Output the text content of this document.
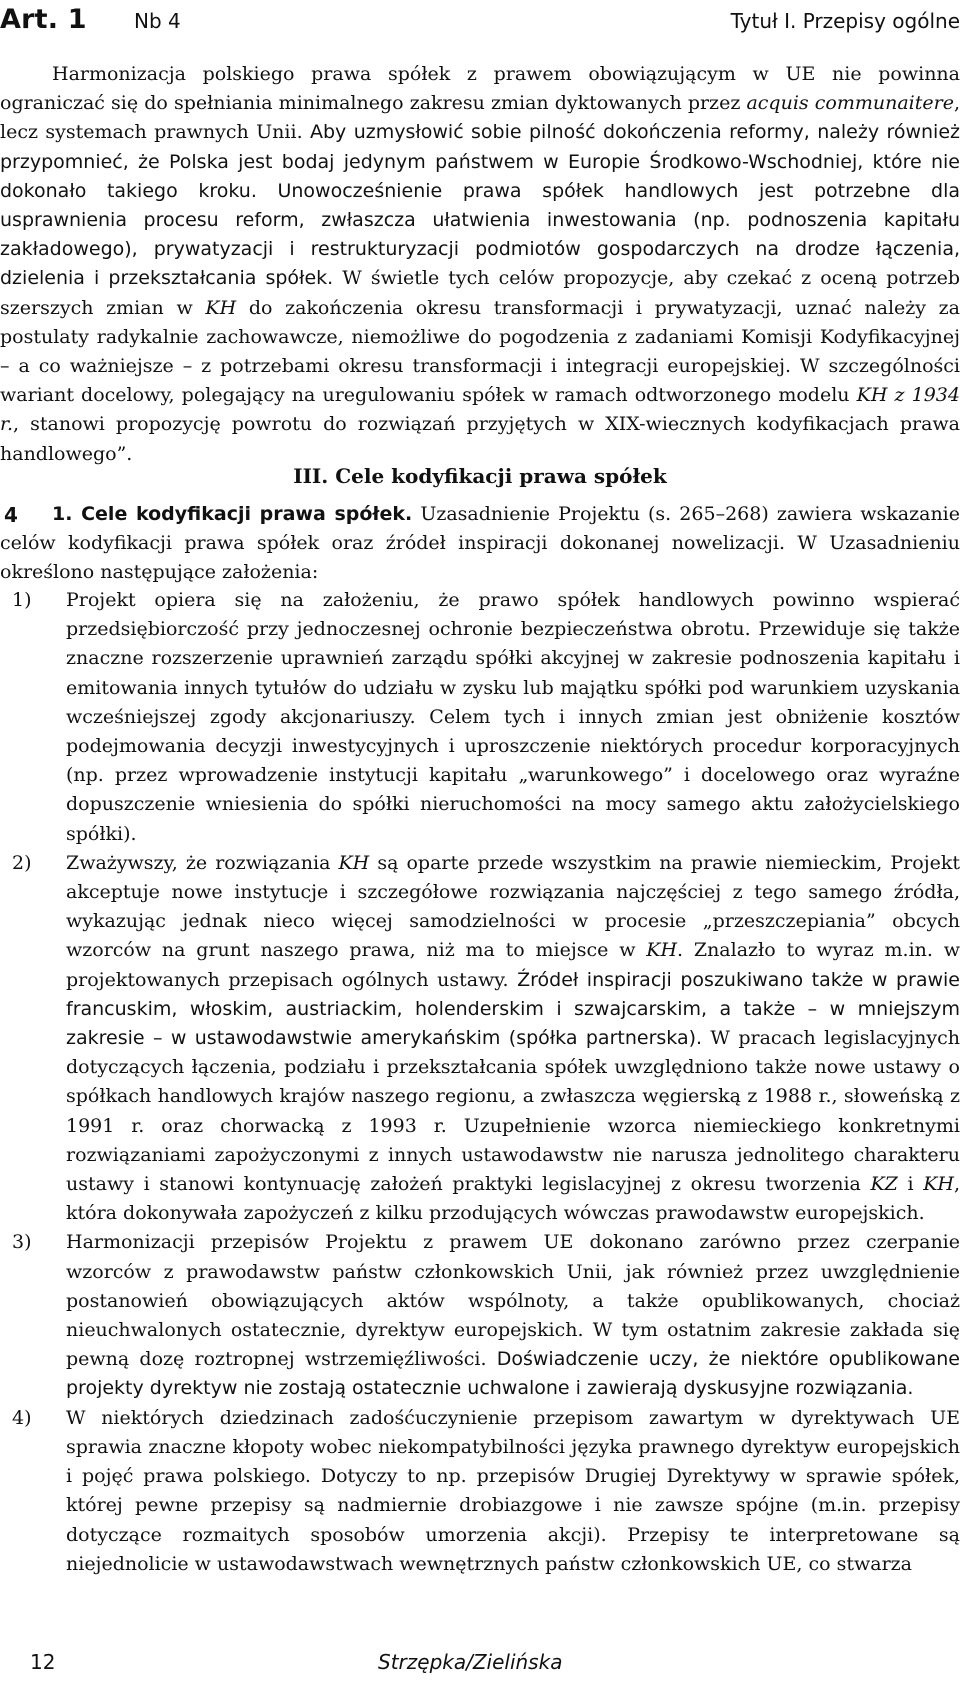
Art. 1 Nb 4	Tytuł I. Przepisy ogólne

Harmonizacja polskiego prawa spółek z prawem obowiązującym w UE nie powinna ograniczać się do spełniania minimalnego zakresu zmian dyktowanych przez acquis communaitere, lecz systemach prawnych Unii. Aby uzmysłowić sobie pilność dokończenia reformy, należy również przypomnieć, że Polska jest bodaj jedynym państwem w Europie Środkowo-Wschodniej, które nie dokonało takiego kroku. Unowocześnienie prawa spółek handlowych jest potrzebne dla usprawnienia procesu reform, zwłaszcza ułatwienia inwestowania (np. podnoszenia kapitału zakładowego), prywatyzacji i restrukturyzacji podmiotów gospodarczych na drodze łączenia, dzielenia i przekształcania spółek. W świetle tych celów propozycje, aby czekać z oceną potrzeb szerszych zmian w KH do zakończenia okresu transformacji i prywatyzacji, uznać należy za postulaty radykalnie zachowawcze, niemożliwe do pogodzenia z zadaniami Komisji Kodyfikacyjnej – a co ważniejsze – z potrzebami okresu transformacji i integracji europejskiej. W szczególności wariant docelowy, polegający na uregulowaniu spółek w ramach odtworzonego modelu KH z 1934 r., stanowi propozycję powrotu do rozwiązań przyjętych w XIX-wiecznych kodyfikacjach prawa handlowego”.

III. Cele kodyfikacji prawa spółek
4	1. Cele kodyfikacji prawa spółek. Uzasadnienie Projektu (s. 265–268) zawiera wskazanie celów kodyfikacji prawa spółek oraz źródeł inspiracji dokonanej nowelizacji. W Uzasadnieniu określono następujące założenia:

1) Projekt opiera się na założeniu, że prawo spółek handlowych powinno wspierać przedsiębiorczość przy jednoczesnej ochronie bezpieczeństwa obrotu. Przewiduje się także znaczne rozszerzenie uprawnień zarządu spółki akcyjnej w zakresie podnoszenia kapitału i emitowania innych tytułów do udziału w zysku lub majątku spółki pod warunkiem uzyskania wcześniejszej zgody akcjonariuszy. Celem tych i innych zmian jest obniżenie kosztów podejmowania decyzji inwestycyjnych i uproszczenie niektórych procedur korporacyjnych (np. przez wprowadzenie instytucji kapitału „warunkowego” i docelowego oraz wyraźne dopuszczenie wniesienia do spółki nieruchomości na mocy samego aktu założycielskiego spółki).
2) Zważywszy, że rozwiązania KH są oparte przede wszystkim na prawie niemieckim, Projekt akceptuje nowe instytucje i szczegółowe rozwiązania najczęściej z tego samego źródła, wykazując jednak nieco więcej samodzielności w procesie „przeszczepiania” obcych wzorców na grunt naszego prawa, niż ma to miejsce w KH. Znalazło to wyraz m.in. w projektowanych przepisach ogólnych ustawy. Źródeł inspiracji poszukiwano także w prawie francuskim, włoskim, austriackim, holenderskim i szwajcarskim, a także – w mniejszym zakresie – w ustawodawstwie amerykańskim (spółka partnerska). W pracach legislacyjnych dotyczących łączenia, podziału i przekształcania spółek uwzględniono także nowe ustawy o spółkach handlowych krajów naszego regionu, a zwłaszcza węgierską z 1988 r., słoweńską z 1991 r. oraz chorwacką z 1993 r. Uzupełnienie wzorca niemieckiego konkretnymi rozwiązaniami zapożyczonymi z innych ustawodawstw nie narusza jednolitego charakteru ustawy i stanowi kontynuację założeń praktyki legislacyjnej z okresu tworzenia KZ i KH, która dokonywała zapożyczeń z kilku przodujących wówczas prawodawstw europejskich.
3) Harmonizacji przepisów Projektu z prawem UE dokonano zarówno przez czerpanie wzorców z prawodawstw państw członkowskich Unii, jak również przez uwzględnienie postanowień obowiązujących aktów wspólnoty, a także opublikowanych, chociaż nieuchwalonych ostatecznie, dyrektyw europejskich. W tym ostatnim zakresie zakłada się pewną dozę roztropnej wstrzemięźliwości. Doświadczenie uczy, że niektóre opublikowane projekty dyrektyw nie zostają ostatecznie uchwalone i zawierają dyskusyjne rozwiązania.
4) W niektórych dziedzinach zadośćuczynienie przepisom zawartym w dyrektywach UE sprawia znaczne kłopoty wobec niekompatybilności języka prawnego dyrektyw europejskich i pojęć prawa polskiego. Dotyczy to np. przepisów Drugiej Dyrektywy w sprawie spółek, której pewne przepisy są nadmiernie drobiazgowe i nie zawsze spójne (m.in. przepisy dotyczące rozmaitych sposobów umorzenia akcji). Przepisy te interpretowane są niejednolicie w ustawodawstwach wewnętrznych państw członkowskich UE, co stwarza
12	Strzępka/Zielińska
